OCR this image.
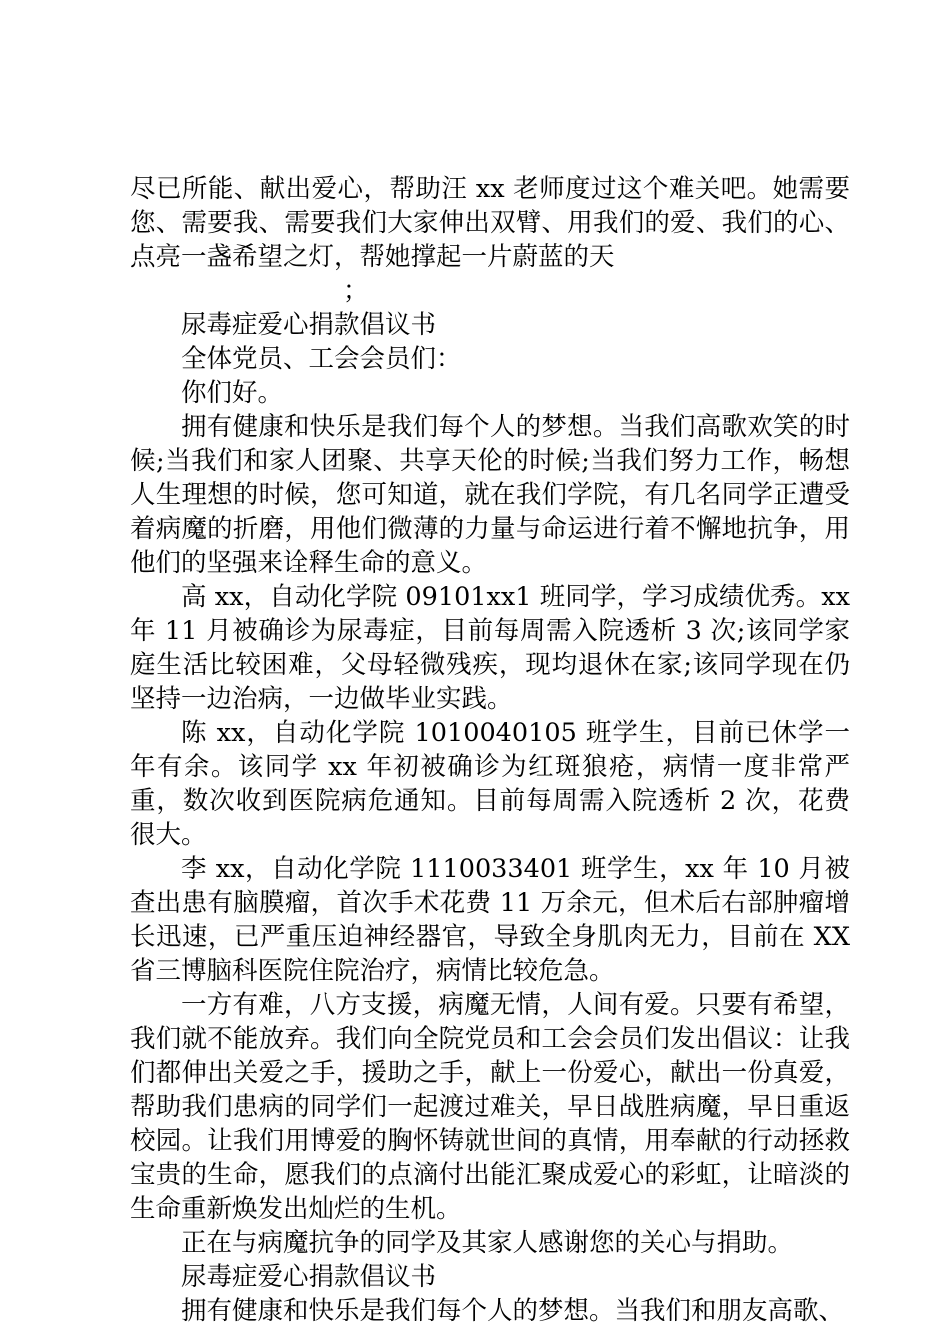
尽已所能、献出爱心，帮助汪 xx 老师度过这个难关吧。她需要您、需要我、需要我们大家伸出双臂、用我们的爱、我们的心、点亮一盏希望之灯，帮她撑起一片蔚蓝的天

；

尿毒症爱心捐款倡议书

全体党员、工会会员们：

你们好。

拥有健康和快乐是我们每个人的梦想。当我们高歌欢笑的时候;当我们和家人团聚、共享天伦的时候;当我们努力工作，畅想人生理想的时候，您可知道，就在我们学院，有几名同学正遭受着病魔的折磨，用他们微薄的力量与命运进行着不懈地抗争，用他们的坚强来诠释生命的意义。

高 xx，自动化学院 09101xx1 班同学，学习成绩优秀。xx 年 11 月被确诊为尿毒症，目前每周需入院透析 3 次;该同学家庭生活比较困难，父母轻微残疾，现均退休在家;该同学现在仍坚持一边治病，一边做毕业实践。

陈 xx，自动化学院 1010040105 班学生，目前已休学一年有余。该同学 xx 年初被确诊为红斑狼疮，病情一度非常严重，数次收到医院病危通知。目前每周需入院透析 2 次，花费很大。

李 xx，自动化学院 1110033401 班学生，xx 年 10 月被查出患有脑膜瘤，首次手术花费 11 万余元，但术后右部肿瘤增长迅速，已严重压迫神经器官，导致全身肌肉无力，目前在 XX 省三博脑科医院住院治疗，病情比较危急。

一方有难，八方支援，病魔无情，人间有爱。只要有希望，我们就不能放弃。我们向全院党员和工会会员们发出倡议：让我们都伸出关爱之手，援助之手，献上一份爱心，献出一份真爱，帮助我们患病的同学们一起渡过难关，早日战胜病魔，早日重返校园。让我们用博爱的胸怀铸就世间的真情，用奉献的行动拯救宝贵的生命，愿我们的点滴付出能汇聚成爱心的彩虹，让暗淡的生命重新焕发出灿烂的生机。

正在与病魔抗争的同学及其家人感谢您的关心与捐助。

尿毒症爱心捐款倡议书

拥有健康和快乐是我们每个人的梦想。当我们和朋友高歌、
